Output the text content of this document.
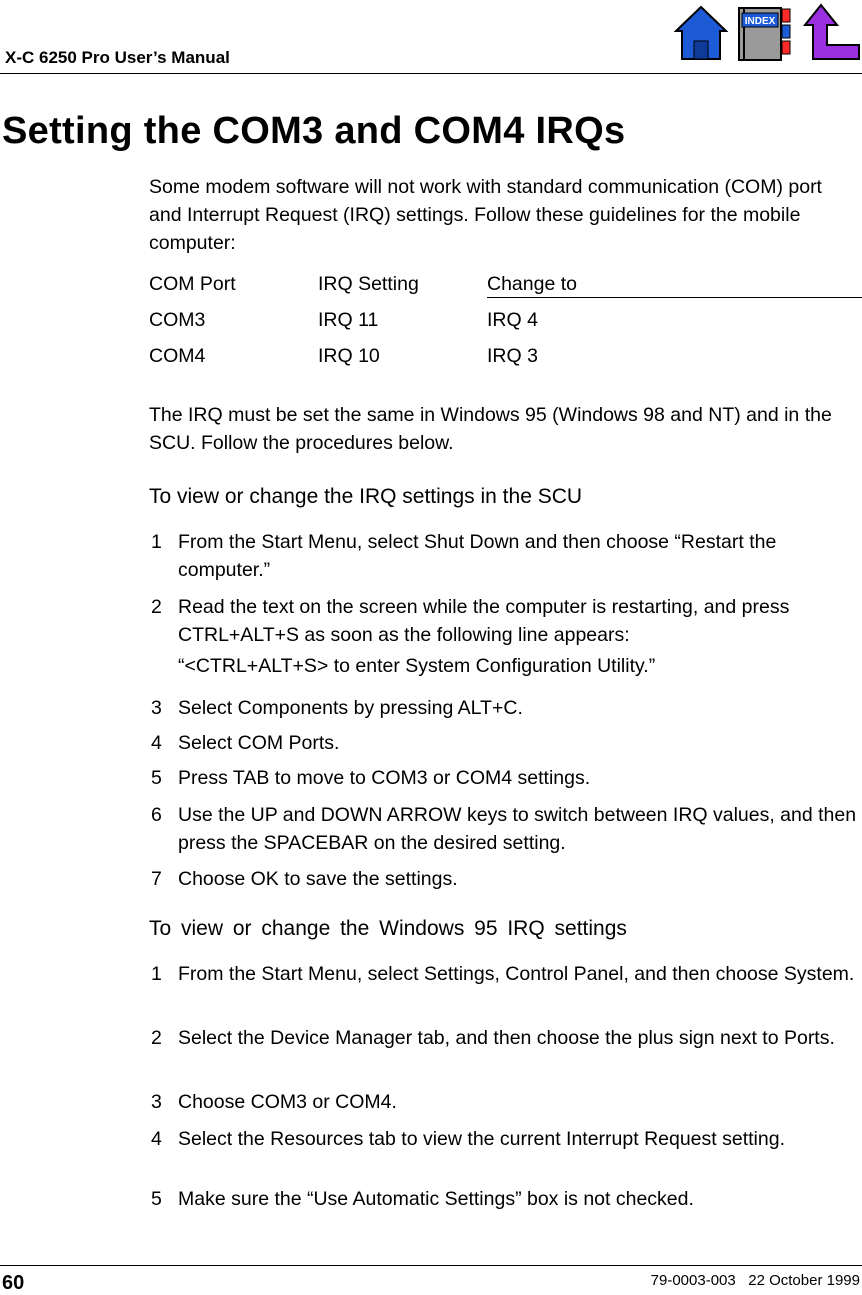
X-C 6250 Pro User’s Manual
INDEX
Setting the COM3 and COM4 IRQs
Some modem software will not work with standard communication (COM) port and Interrupt Request (IRQ) settings. Follow these guidelines for the mobile computer:
COM Port	IRQ Setting	Change to
COM3	IRQ 11	IRQ 4
COM4	IRQ 10	IRQ 3
The IRQ must be set the same in Windows 95 (Windows 98 and NT) and in the SCU. Follow the procedures below.
To view or change the IRQ settings in the SCU
1 From the Start Menu, select Shut Down and then choose “Restart the computer.”
2 Read the text on the screen while the computer is restarting, and press CTRL+ALT+S as soon as the following line appears:
“<CTRL+ALT+S> to enter System Configuration Utility.”
3 Select Components by pressing ALT+C.
4 Select COM Ports.
5 Press TAB to move to COM3 or COM4 settings.
6 Use the UP and DOWN ARROW keys to switch between IRQ values, and then press the SPACEBAR on the desired setting.
7 Choose OK to save the settings.
To view or change the Windows 95 IRQ settings
1 From the Start Menu, select Settings, Control Panel, and then choose System.
2 Select the Device Manager tab, and then choose the plus sign next to Ports.
3 Choose COM3 or COM4.
4 Select the Resources tab to view the current Interrupt Request setting.
5 Make sure the “Use Automatic Settings” box is not checked.
60	79-0003-003 22 October 1999
